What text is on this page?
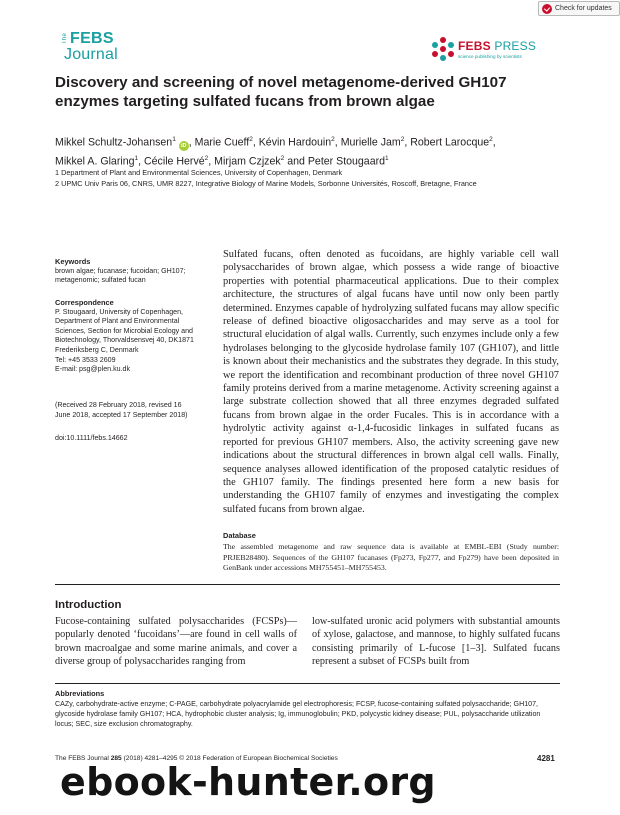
Check for updates
The FEBS
Journal	FEBS PRESS
science publishing by scientists
Discovery and screening of novel metagenome-derived GH107 enzymes targeting sulfated fucans from brown algae
Mikkel Schultz-Johansen$^1$ iD , Marie Cueff$^2$, Kévin Hardouin$^2$, Murielle Jam$^2$, Robert Larocque$^2$,
Mikkel A. Glaring$^1$, Cécile Hervé$^2$, Mirjam Czjzek$^2$ and Peter Stougaard$^1$
1 Department of Plant and Environmental Sciences, University of Copenhagen, Denmark
2 UPMC Univ Paris 06, CNRS, UMR 8227, Integrative Biology of Marine Models, Sorbonne Universités, Roscoff, Bretagne, France
Keywords
brown algae; fucanase; fucoidan; GH107; metagenomic; sulfated fucan
Correspondence
P. Stougaard, University of Copenhagen,
Department of Plant and Environmental
Sciences, Section for Microbial Ecology and
Biotechnology, Thorvaldsensvej 40, DK1871
Frederiksberg C, Denmark
Tel: +45 3533 2609
E-mail: psg@plen.ku.dk
(Received 28 February 2018, revised 16
June 2018, accepted 17 September 2018)
doi:10.1111/febs.14662

Sulfated fucans, often denoted as fucoidans, are highly variable cell wall polysaccharides of brown algae, which possess a wide range of bioactive properties with potential pharmaceutical applications. Due to their complex architecture, the structures of algal fucans have until now only been partly determined. Enzymes capable of hydrolyzing sulfated fucans may allow specific release of defined bioactive oligosaccharides and may serve as a tool for structural elucidation of algal walls. Currently, such enzymes include only a few hydrolases belonging to the glycoside hydrolase family 107 (GH107), and little is known about their mechanistics and the substrates they degrade. In this study, we report the identification and recombinant production of three novel GH107 family proteins derived from a marine metagenome. Activity screening against a large substrate collection showed that all three enzymes degraded sulfated fucans from brown algae in the order Fucales. This is in accordance with a hydrolytic activity against α-1,4-fucosidic linkages in sulfated fucans as reported for previous GH107 members. Also, the activity screening gave new indications about the structural differences in brown algal cell walls. Finally, sequence analyses allowed identification of the proposed catalytic residues of the GH107 family. The findings presented here form a new basis for understanding the GH107 family of enzymes and investigating the complex sulfated fucans from brown algae.

Database
The assembled metagenome and raw sequence data is available at EMBL-EBI (Study number: PRJEB28480). Sequences of the GH107 fucanases (Fp273, Fp277, and Fp279) have been deposited in GenBank under accessions MH755451–MH755453.
Introduction
Fucose-containing sulfated polysaccharides (FCSPs)—popularly denoted ‘fucoidans’—are found in cell walls of brown macroalgae and some marine animals, and cover a diverse group of polysaccharides ranging from
low-sulfated uronic acid polymers with substantial amounts of xylose, galactose, and mannose, to highly sulfated fucans consisting primarily of L-fucose [1–3]. Sulfated fucans represent a subset of FCSPs built from
Abbreviations
CAZy, carbohydrate-active enzyme; C-PAGE, carbohydrate polyacrylamide gel electrophoresis; FCSP, fucose-containing sulfated polysaccharide; GH107, glycoside hydrolase family GH107; HCA, hydrophobic cluster analysis; Ig, immunoglobulin; PKD, polycystic kidney disease; PUL, polysaccharide utilization locus; SEC, size exclusion chromatography.
The FEBS Journal 285 (2018) 4281–4295 © 2018 Federation of European Biochemical Societies	4281
ebook-hunter.org
